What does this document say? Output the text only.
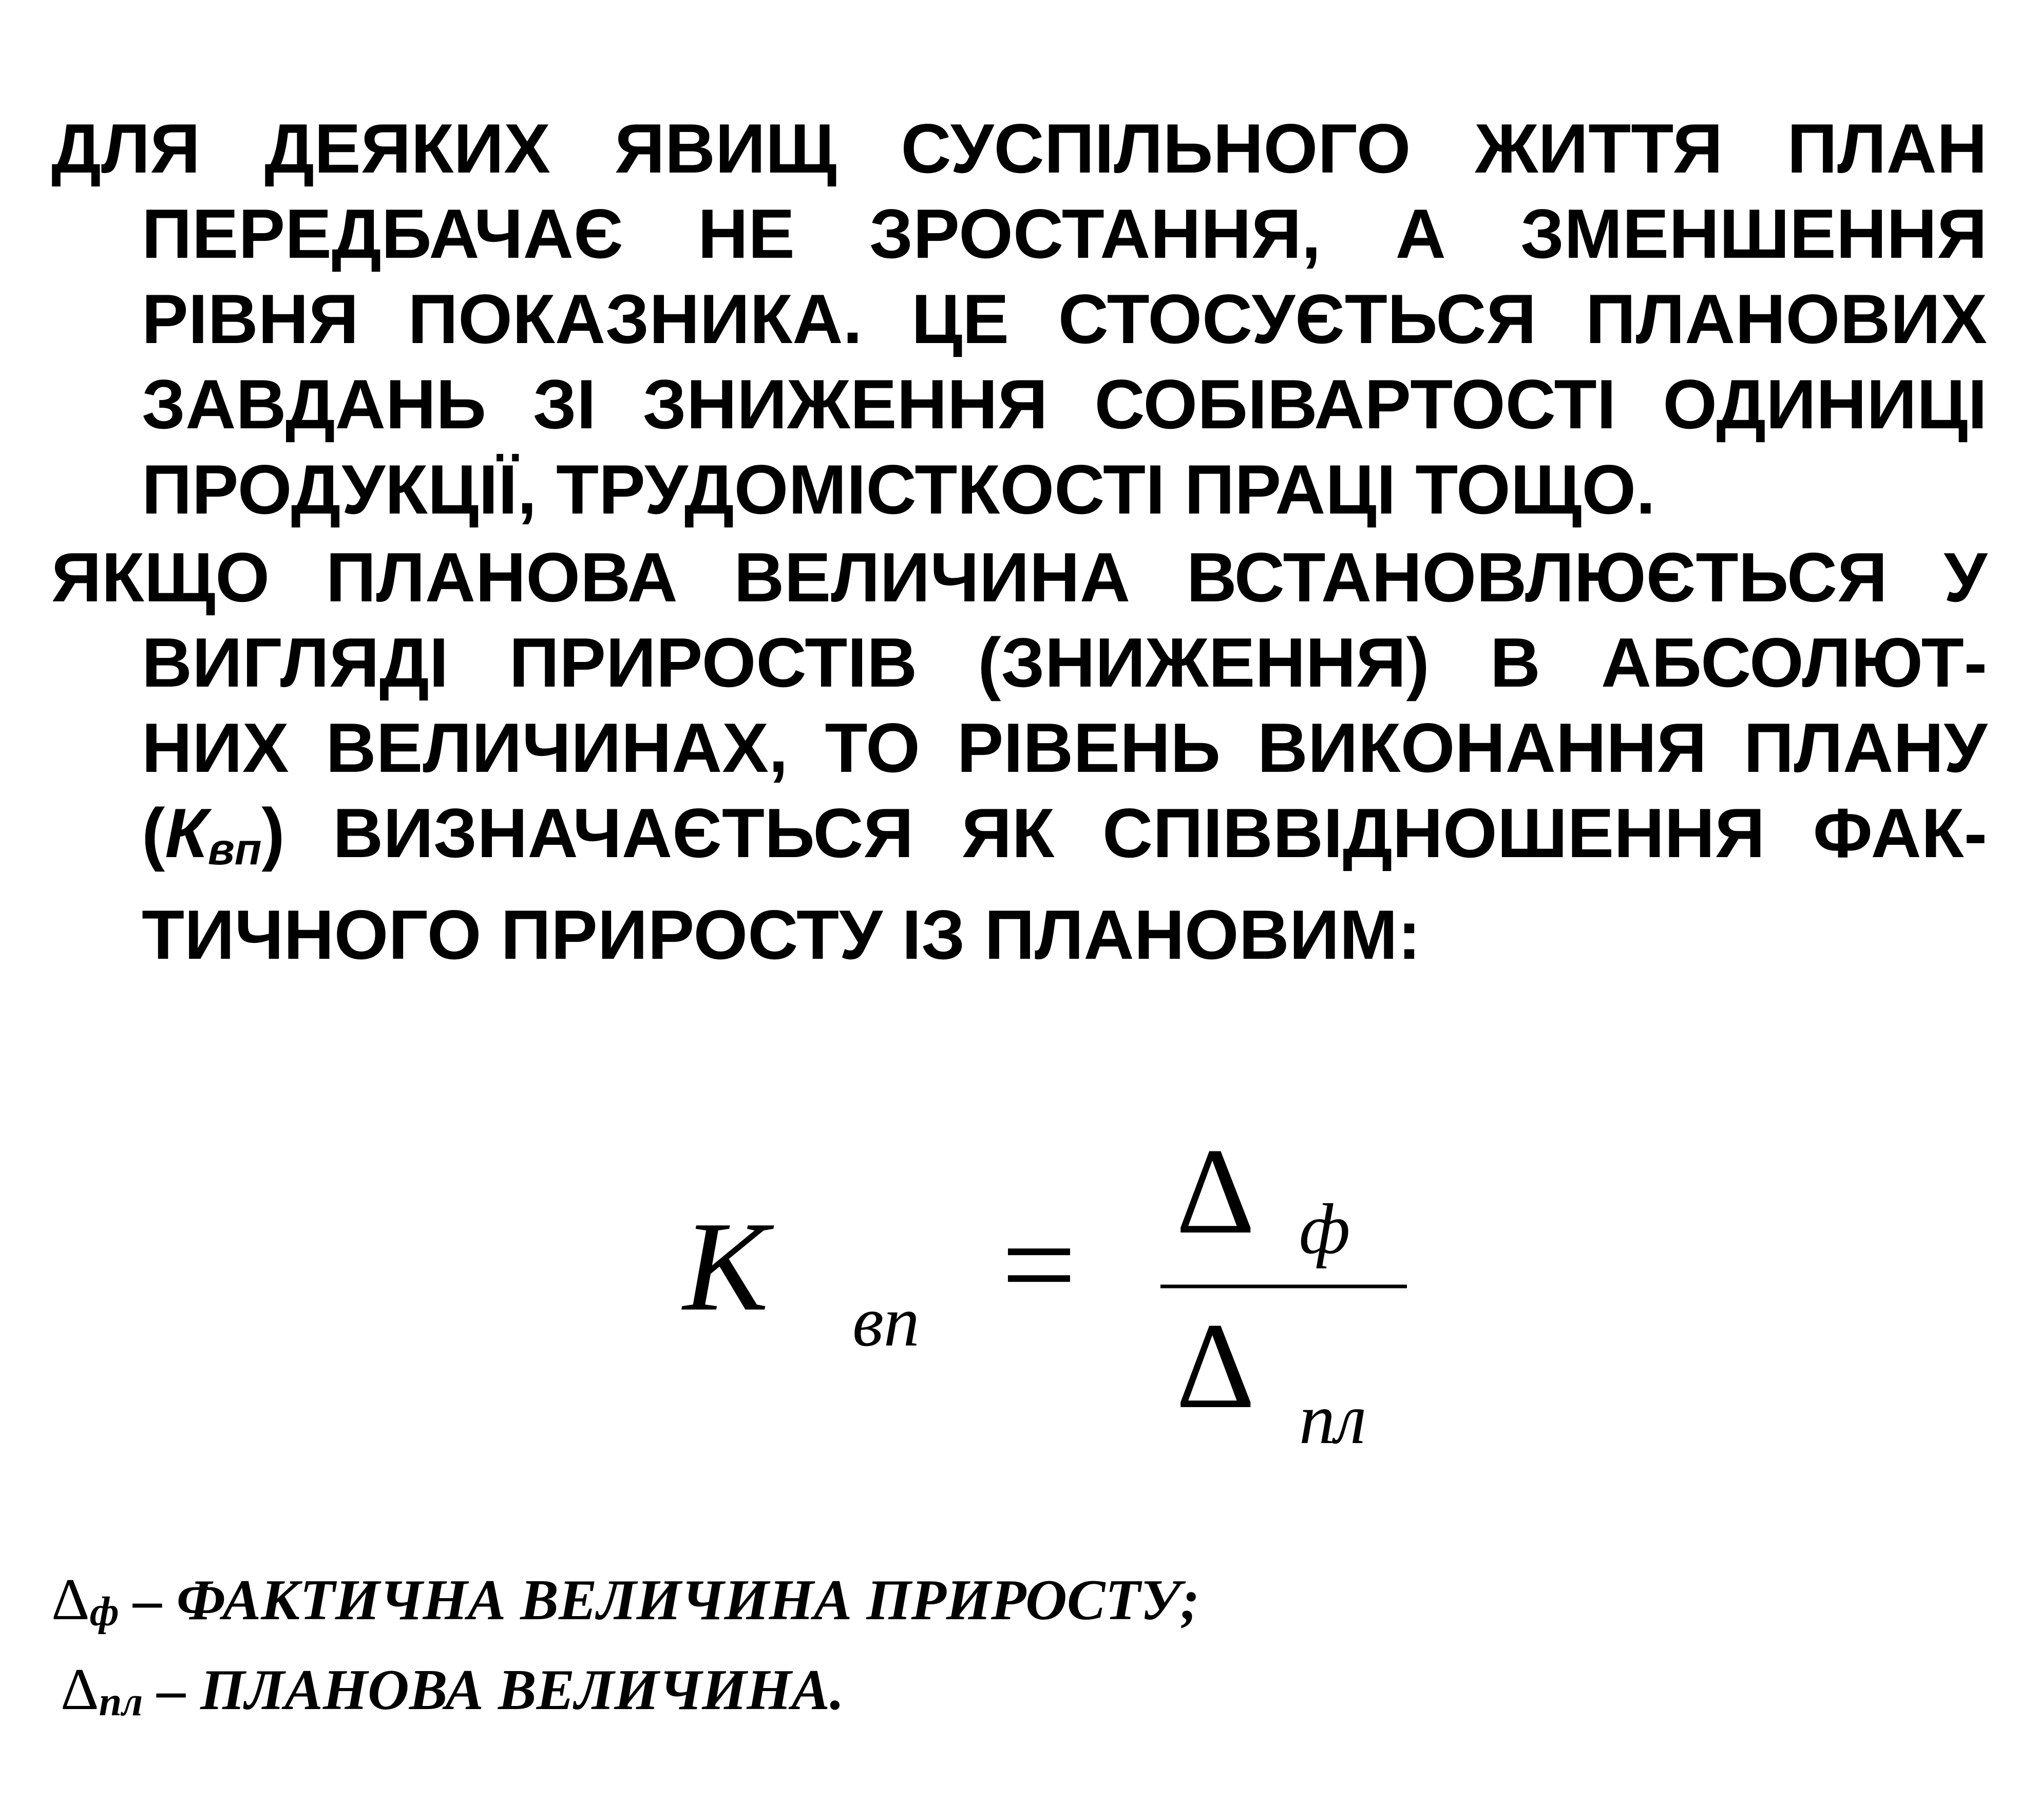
ДЛЯ ДЕЯКИХ ЯВИЩ СУСПІЛЬНОГО ЖИТТЯ ПЛАН
ПЕРЕДБАЧАЄ НЕ ЗРОСТАННЯ, А ЗМЕНШЕННЯ
РІВНЯ ПОКАЗНИКА. ЦЕ СТОСУЄТЬСЯ ПЛАНОВИХ
ЗАВДАНЬ ЗІ ЗНИЖЕННЯ СОБІВАРТОСТІ ОДИНИЦІ
ПРОДУКЦІЇ, ТРУДОМІСТКОСТІ ПРАЦІ ТОЩО.
ЯКЩО ПЛАНОВА ВЕЛИЧИНА ВСТАНОВЛЮЄТЬСЯ У
ВИГЛЯДІ ПРИРОСТІВ (ЗНИЖЕННЯ) В АБСОЛЮТ-
НИХ ВЕЛИЧИНАХ, ТО РІВЕНЬ ВИКОНАННЯ ПЛАНУ
$(К_{вп})$ ВИЗНАЧАЄТЬСЯ ЯК СПІВВІДНОШЕННЯ ФАК-
ТИЧНОГО ПРИРОСТУ ІЗ ПЛАНОВИМ:
К вп = Δ ф
Δ пл
Δф – ФАКТИЧНА ВЕЛИЧИНА ПРИРОСТУ;
Δпл – ПЛАНОВА ВЕЛИЧИНА.
